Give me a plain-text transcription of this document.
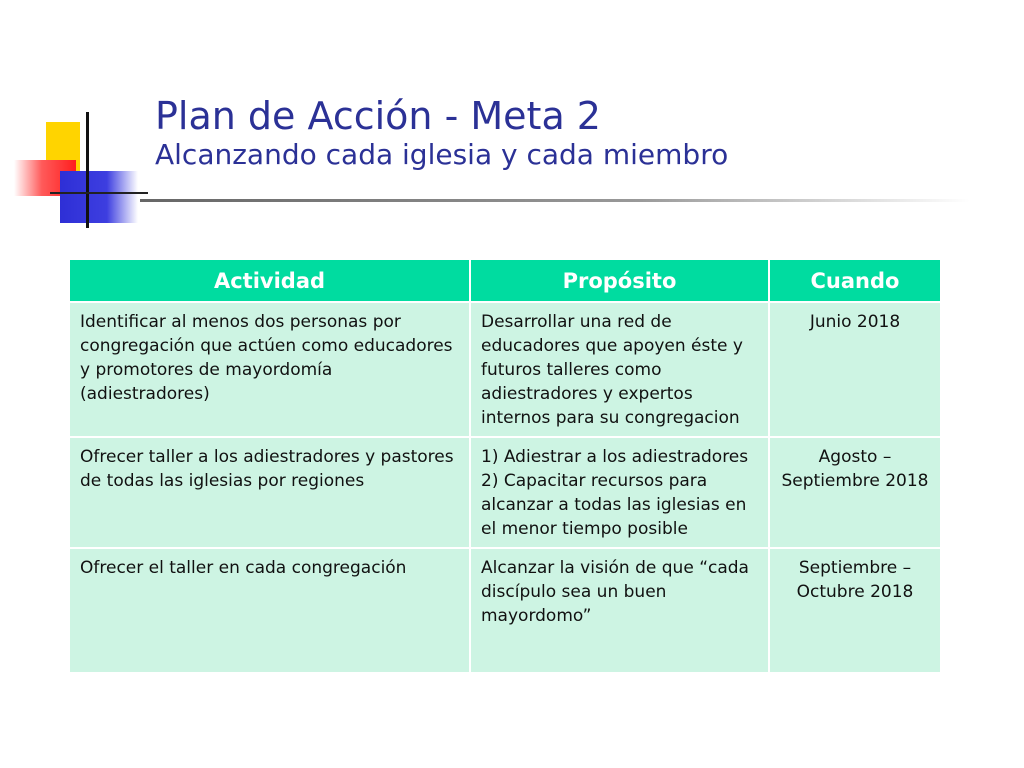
Plan de Acción - Meta 2
Alcanzando cada iglesia y cada miembro
Actividad	Propósito	Cuando
Identificar al menos dos personas por congregación que actúen como educadores y promotores de mayordomía (adiestradores)	Desarrollar una red de educadores que apoyen éste y futuros talleres como adiestradores y expertos internos para su congregacion	Junio 2018
Ofrecer taller a los adiestradores y pastores de todas las iglesias por regiones	1) Adiestrar a los adiestradores 2) Capacitar recursos para alcanzar a todas las iglesias en el menor tiempo posible	Agosto – Septiembre 2018
Ofrecer el taller en cada congregación	Alcanzar la visión de que “cada discípulo sea un buen mayordomo”	Septiembre – Octubre 2018
